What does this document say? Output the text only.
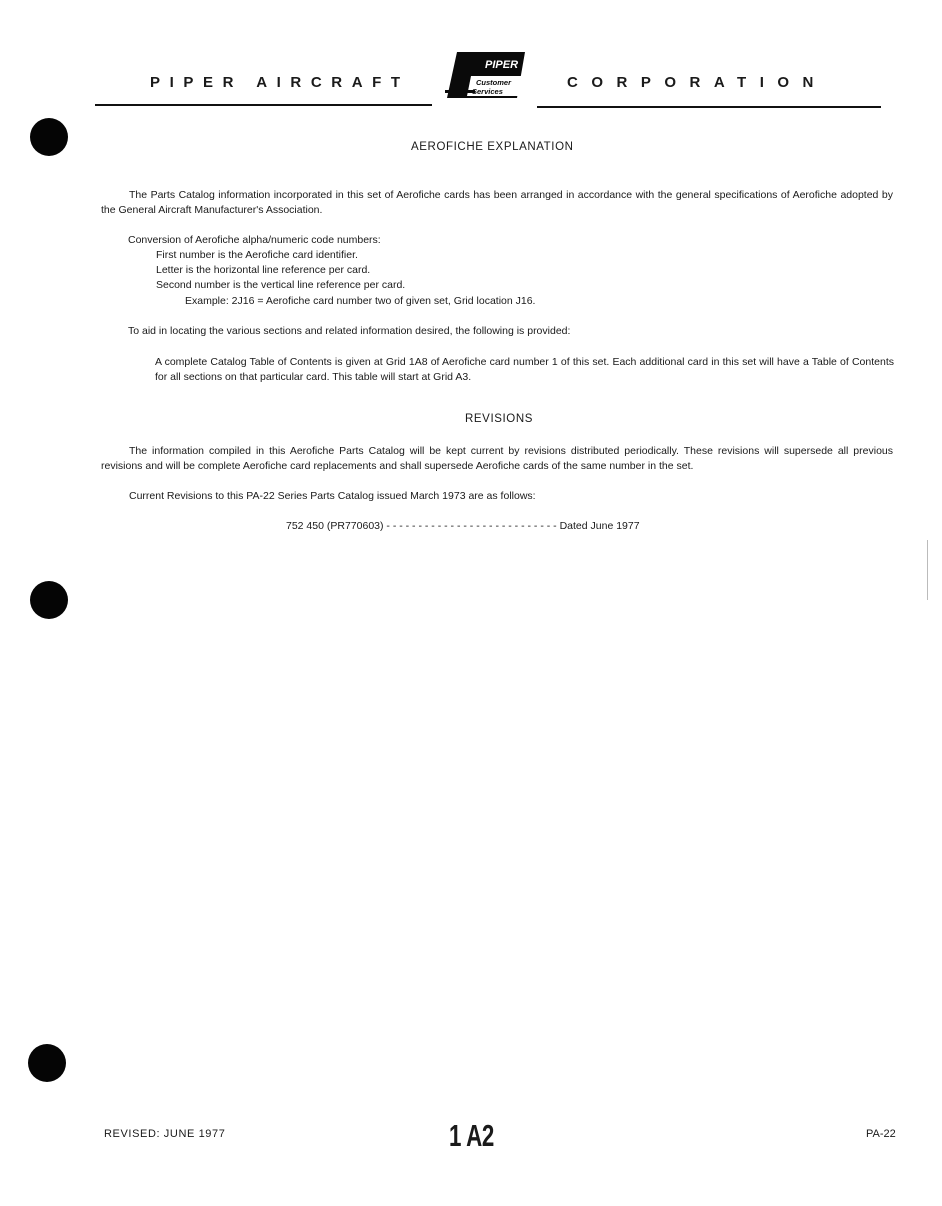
PIPER AIRCRAFT
PIPER
Customer
Services
CORPORATION
AEROFICHE EXPLANATION
The Parts Catalog information incorporated in this set of Aerofiche cards has been arranged in accordance with the general specifications of Aerofiche adopted by the General Aircraft Manufacturer's Association.
Conversion of Aerofiche alpha/numeric code numbers:
First number is the Aerofiche card identifier.
Letter is the horizontal line reference per card.
Second number is the vertical line reference per card.
Example: 2J16 = Aerofiche card number two of given set, Grid location J16.
To aid in locating the various sections and related information desired, the following is provided:
A complete Catalog Table of Contents is given at Grid 1A8 of Aerofiche card number 1 of this set. Each additional card in this set will have a Table of Contents for all sections on that particular card. This table will start at Grid A3.
REVISIONS
The information compiled in this Aerofiche Parts Catalog will be kept current by revisions distributed periodically. These revisions will supersede all previous revisions and will be complete Aerofiche card replacements and shall supersede Aerofiche cards of the same number in the set.
Current Revisions to this PA-22 Series Parts Catalog issued March 1973 are as follows:
752 450 (PR770603) - - - - - - - - - - - - - - - - - - - - - - - - - - - Dated June 1977
REVISED: JUNE 1977	1 A2	PA-22
